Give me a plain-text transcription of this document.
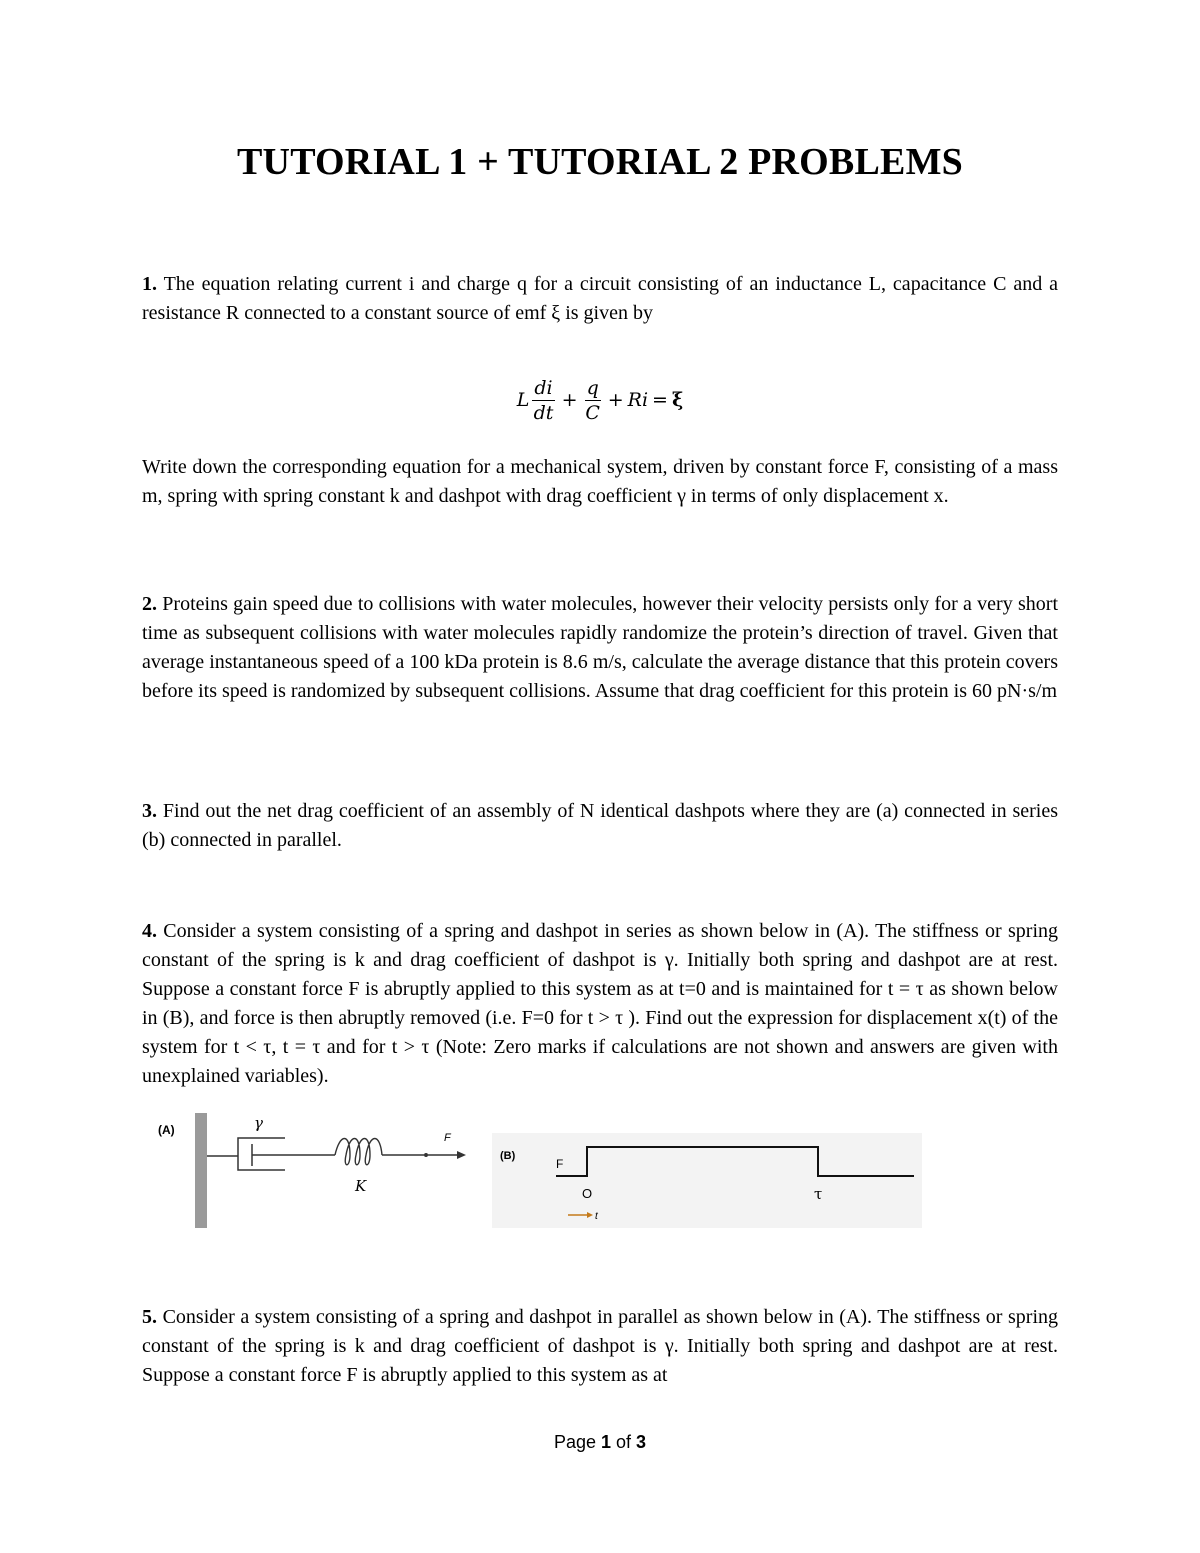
TUTORIAL 1 + TUTORIAL 2 PROBLEMS
1. The equation relating current i and charge q for a circuit consisting of an inductance L, capacitance C and a resistance R connected to a constant source of emf ξ is given by
L $\frac{di}{dt} + \frac{q}{C} + Ri = \xi$
Write down the corresponding equation for a mechanical system, driven by constant force F, consisting of a mass m, spring with spring constant k and dashpot with drag coefficient γ in terms of only displacement x.
2. Proteins gain speed due to collisions with water molecules, however their velocity persists only for a very short time as subsequent collisions with water molecules rapidly randomize the protein’s direction of travel. Given that average instantaneous speed of a 100 kDa protein is 8.6 m/s, calculate the average distance that this protein covers before its speed is randomized by subsequent collisions. Assume that drag coefficient for this protein is 60 pN·s/m
3. Find out the net drag coefficient of an assembly of N identical dashpots where they are (a) connected in series (b) connected in parallel.
4. Consider a system consisting of a spring and dashpot in series as shown below in (A). The stiffness or spring constant of the spring is k and drag coefficient of dashpot is γ. Initially both spring and dashpot are at rest. Suppose a constant force F is abruptly applied to this system as at t=0 and is maintained for t = τ as shown below in (B), and force is then abruptly removed (i.e. F=0 for t > τ ). Find out the expression for displacement x(t) of the system for t < τ, t = τ and for t > τ (Note: Zero marks if calculations are not shown and answers are given with unexplained variables).
(A)	γ
F
K
(B)
F
O	τ
t
5. Consider a system consisting of a spring and dashpot in parallel as shown below in (A). The stiffness or spring constant of the spring is k and drag coefficient of dashpot is γ. Initially both spring and dashpot are at rest. Suppose a constant force F is abruptly applied to this system as at
Page 1 of 3
